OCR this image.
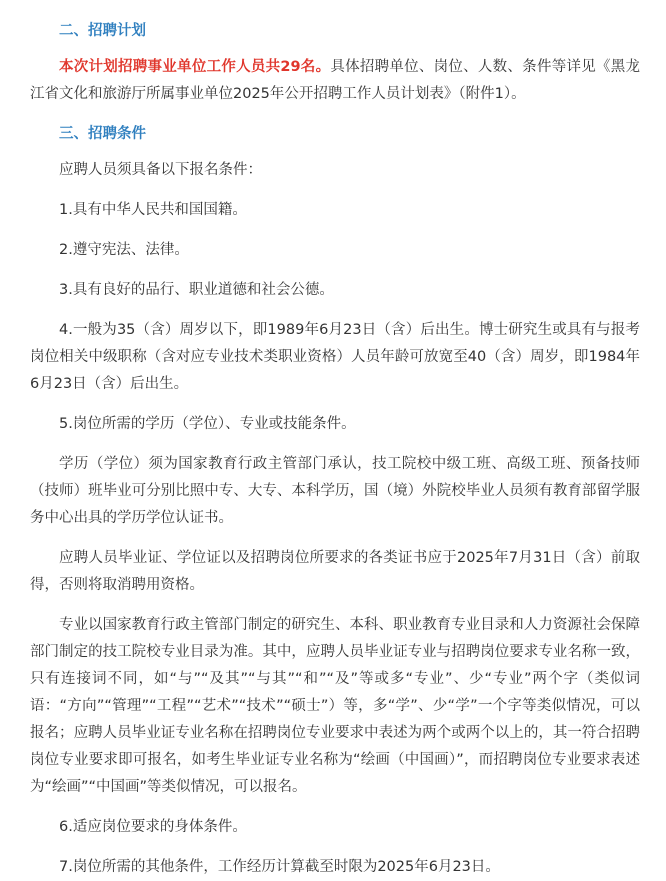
二、招聘计划

本次计划招聘事业单位工作人员共29名。具体招聘单位、岗位、人数、条件等详见《黑龙江省文化和旅游厅所属事业单位2025年公开招聘工作人员计划表》（附件1）。

三、招聘条件

应聘人员须具备以下报名条件：

1.具有中华人民共和国国籍。

2.遵守宪法、法律。

3.具有良好的品行、职业道德和社会公德。

4.一般为35（含）周岁以下，即1989年6月23日（含）后出生。博士研究生或具有与报考岗位相关中级职称（含对应专业技术类职业资格）人员年龄可放宽至40（含）周岁，即1984年6月23日（含）后出生。

5.岗位所需的学历（学位）、专业或技能条件。

学历（学位）须为国家教育行政主管部门承认，技工院校中级工班、高级工班、预备技师（技师）班毕业可分别比照中专、大专、本科学历，国（境）外院校毕业人员须有教育部留学服务中心出具的学历学位认证书。

应聘人员毕业证、学位证以及招聘岗位所要求的各类证书应于2025年7月31日（含）前取得，否则将取消聘用资格。

专业以国家教育行政主管部门制定的研究生、本科、职业教育专业目录和人力资源社会保障部门制定的技工院校专业目录为准。其中，应聘人员毕业证专业与招聘岗位要求专业名称一致，只有连接词不同，如“与”“及其”“与其”“和”“及”等或多“专业”、少“专业”两个字（类似词语：“方向”“管理”“工程”“艺术”“技术”“硕士”）等，多“学”、少“学”一个字等类似情况，可以报名；应聘人员毕业证专业名称在招聘岗位专业要求中表述为两个或两个以上的，其一符合招聘岗位专业要求即可报名，如考生毕业证专业名称为“绘画（中国画）”，而招聘岗位专业要求表述为“绘画”“中国画”等类似情况，可以报名。

6.适应岗位要求的身体条件。

7.岗位所需的其他条件，工作经历计算截至时限为2025年6月23日。
